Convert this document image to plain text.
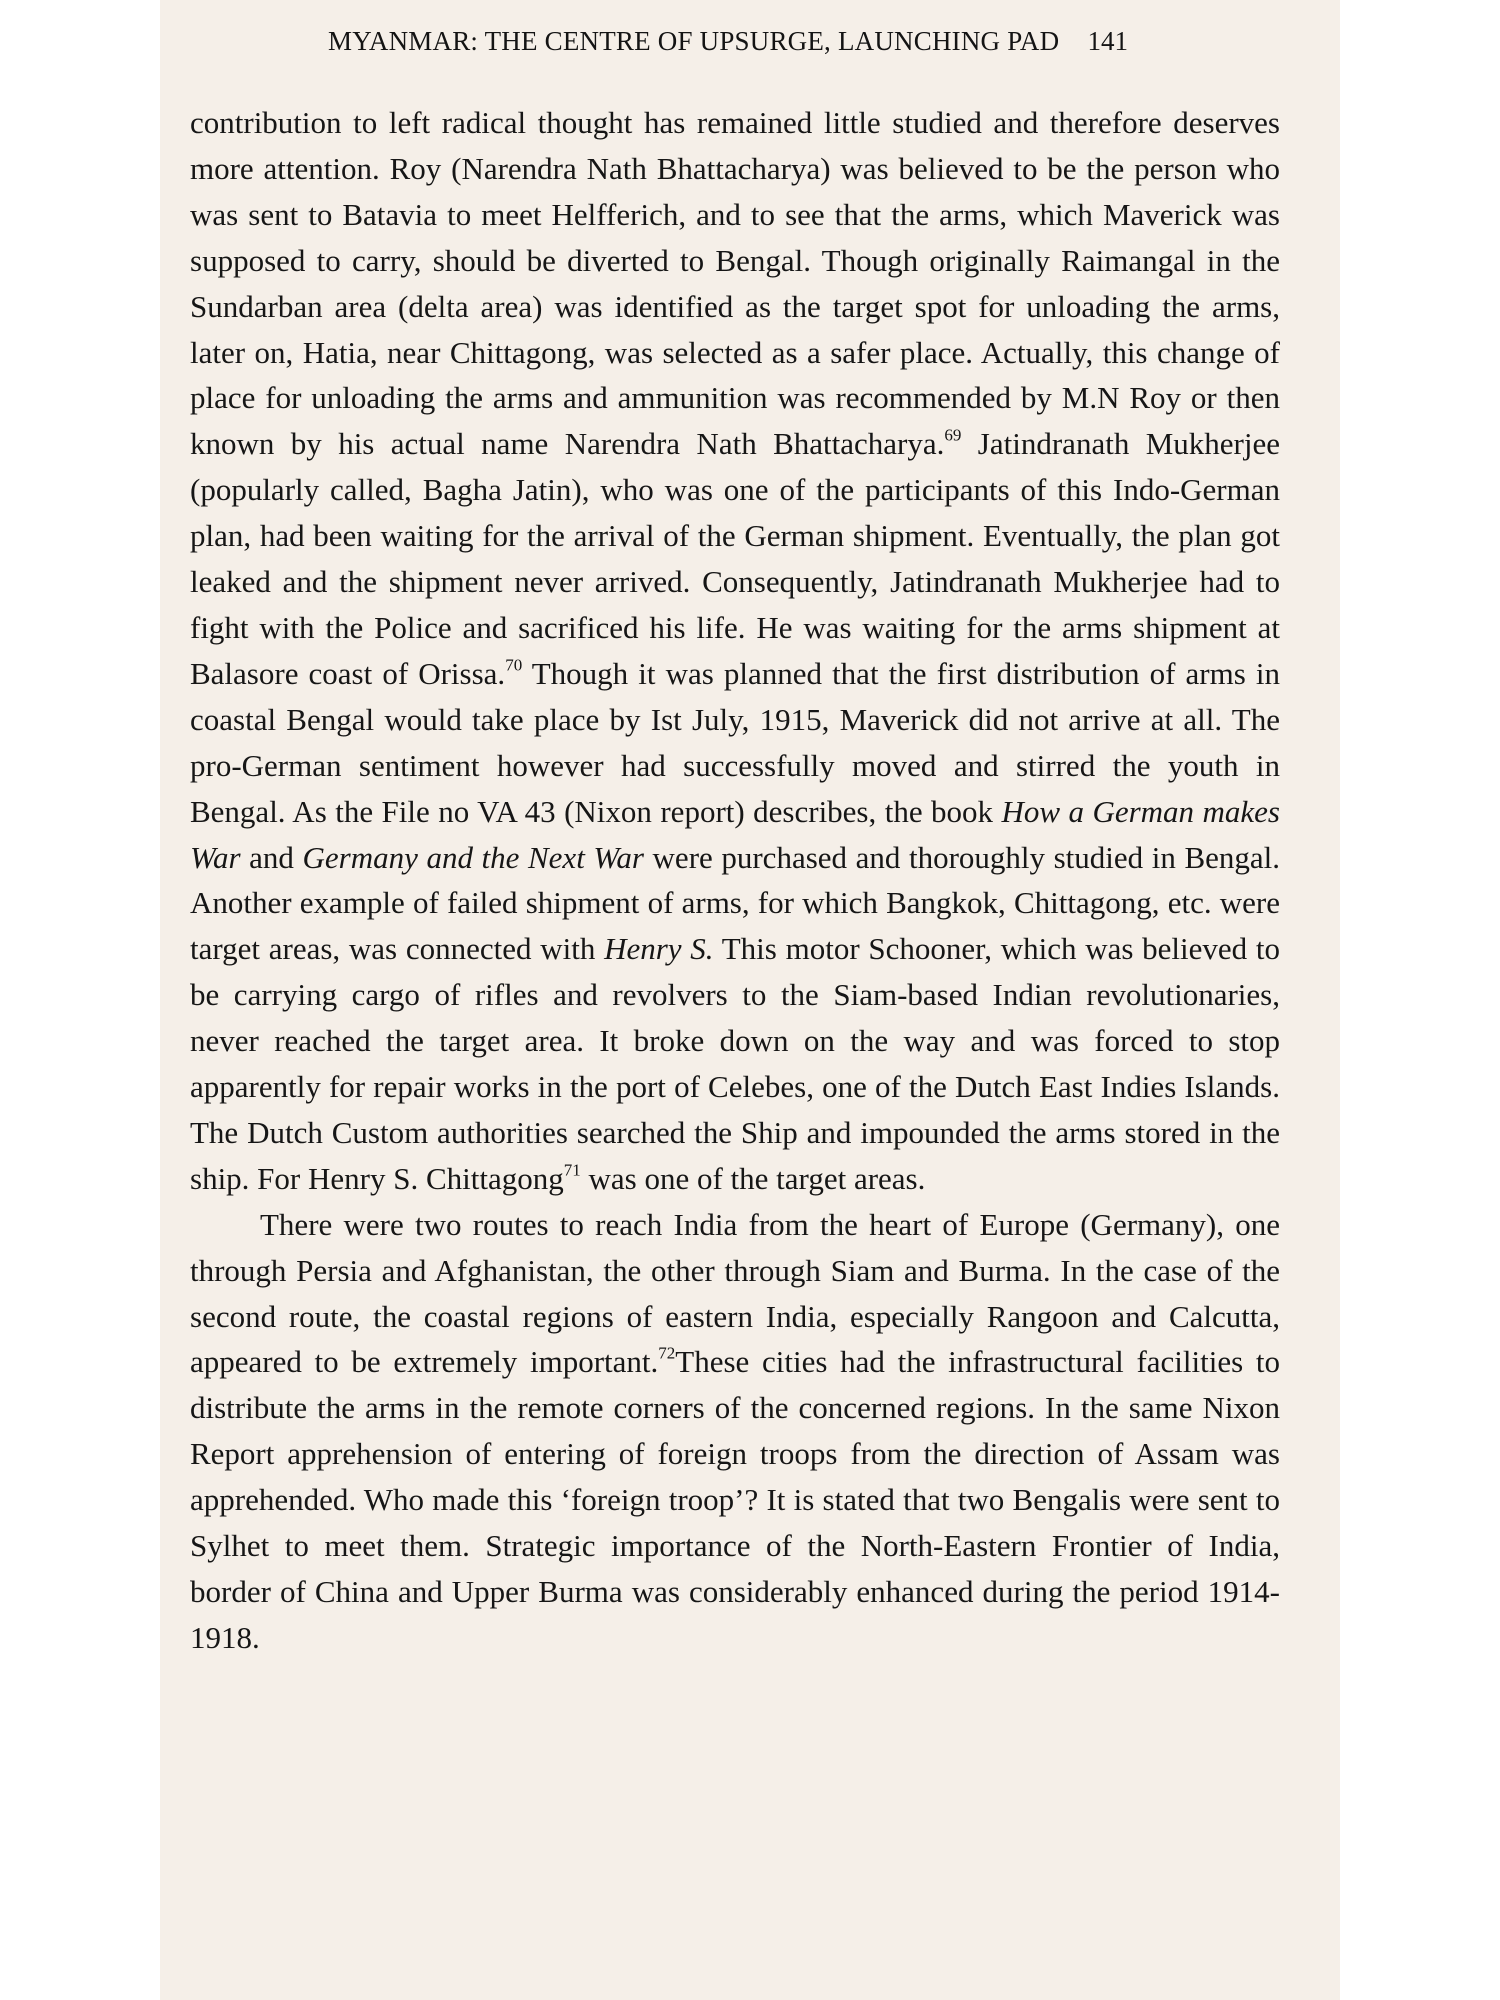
MYANMAR: THE CENTRE OF UPSURGE, LAUNCHING PAD 141

contribution to left radical thought has remained little studied and therefore deserves more attention. Roy (Narendra Nath Bhattacharya) was believed to be the person who was sent to Batavia to meet Helfferich, and to see that the arms, which Maverick was supposed to carry, should be diverted to Bengal. Though originally Raimangal in the Sundarban area (delta area) was identified as the target spot for unloading the arms, later on, Hatia, near Chittagong, was selected as a safer place. Actually, this change of place for unloading the arms and ammunition was recommended by M.N Roy or then known by his actual name Narendra Nath Bhattacharya.$^{69}$ Jatindranath Mukherjee (popularly called, Bagha Jatin), who was one of the participants of this Indo-German plan, had been waiting for the arrival of the German shipment. Eventually, the plan got leaked and the shipment never arrived. Consequently, Jatindranath Mukherjee had to fight with the Police and sacrificed his life. He was waiting for the arms shipment at Balasore coast of Orissa.$^{70}$ Though it was planned that the first distribution of arms in coastal Bengal would take place by Ist July, 1915, Maverick did not arrive at all. The pro-German sentiment however had successfully moved and stirred the youth in Bengal. As the File no VA 43 (Nixon report) describes, the book How a German makes War and Germany and the Next War were purchased and thoroughly studied in Bengal. Another example of failed shipment of arms, for which Bangkok, Chittagong, etc. were target areas, was connected with Henry S. This motor Schooner, which was believed to be carrying cargo of rifles and revolvers to the Siam-based Indian revolutionaries, never reached the target area. It broke down on the way and was forced to stop apparently for repair works in the port of Celebes, one of the Dutch East Indies Islands. The Dutch Custom authorities searched the Ship and impounded the arms stored in the ship. For Henry S. Chittagong$^{71}$ was one of the target areas.

There were two routes to reach India from the heart of Europe (Germany), one through Persia and Afghanistan, the other through Siam and Burma. In the case of the second route, the coastal regions of eastern India, especially Rangoon and Calcutta, appeared to be extremely important.$^{72}$These cities had the infrastructural facilities to distribute the arms in the remote corners of the concerned regions. In the same Nixon Report apprehension of entering of foreign troops from the direction of Assam was apprehended. Who made this ‘foreign troop’? It is stated that two Bengalis were sent to Sylhet to meet them. Strategic importance of the North-Eastern Frontier of India, border of China and Upper Burma was considerably enhanced during the period 1914-1918.
